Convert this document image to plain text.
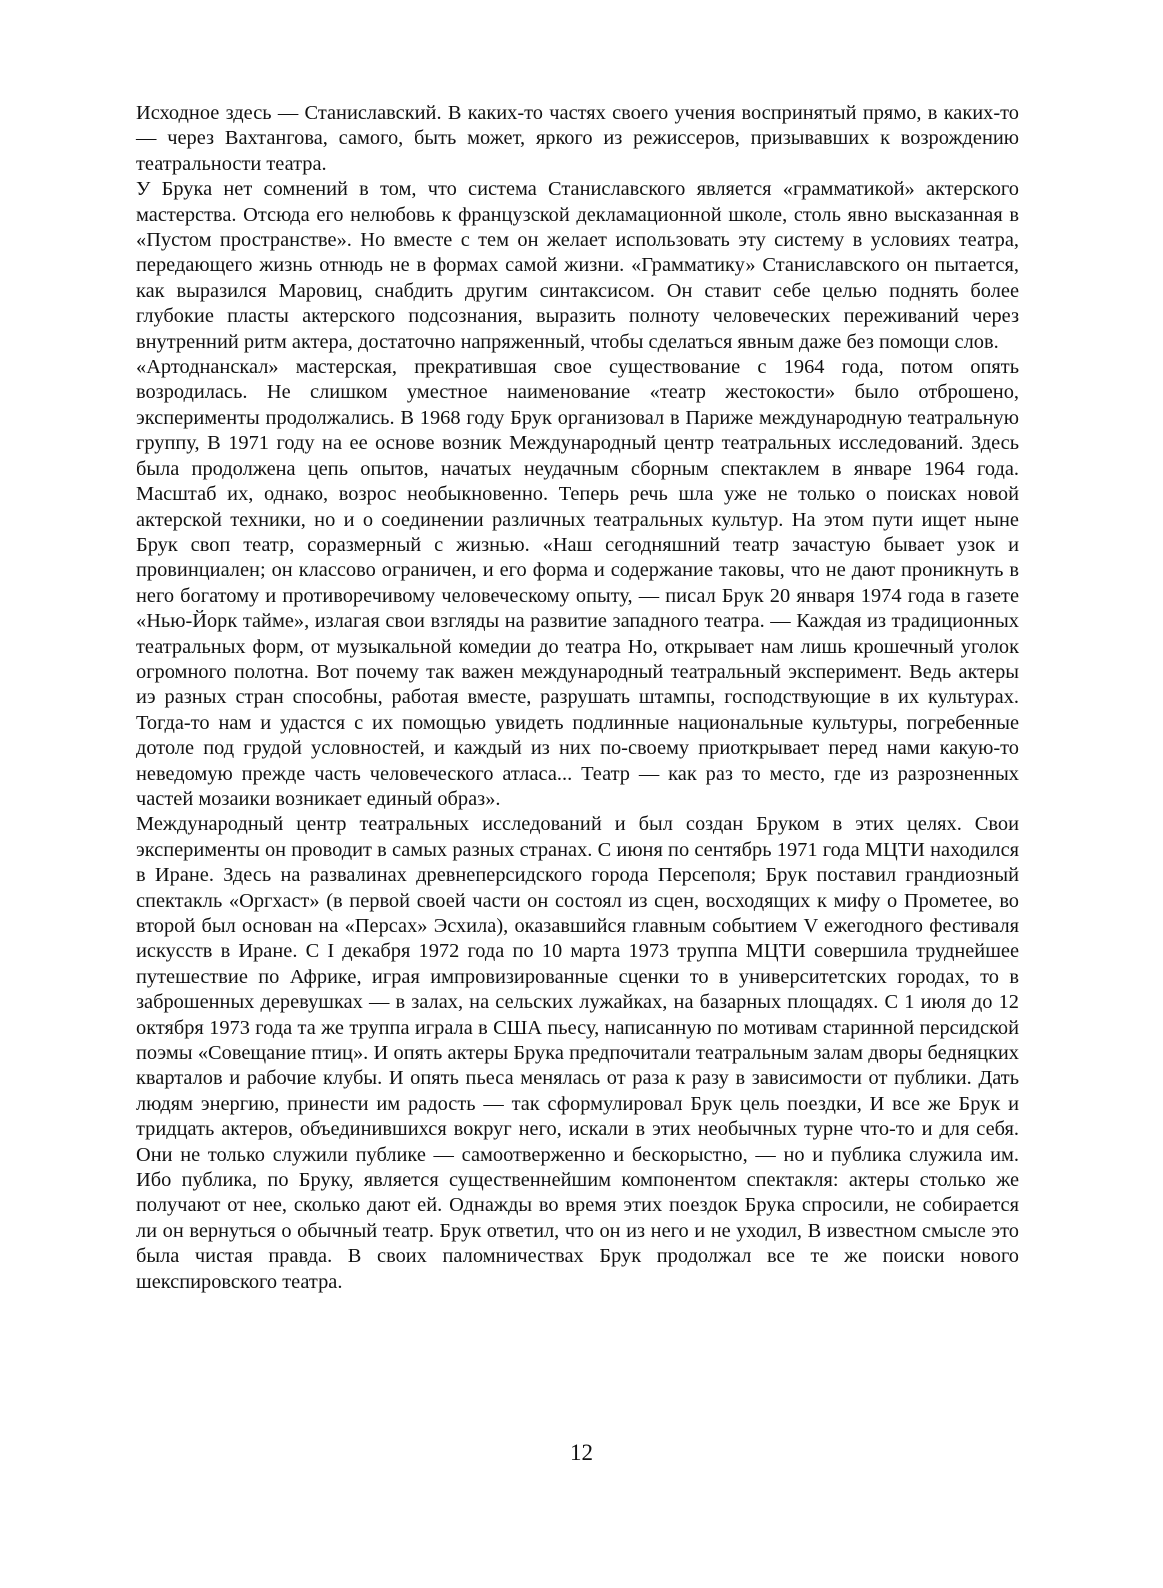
Исходное здесь — Станиславский. В каких-то частях своего учения воспринятый прямо, в каких-то — через Вахтангова, самого, быть может, яркого из режиссеров, призывавших к возрождению театральности театра.

У Брука нет сомнений в том, что система Станиславского является «грамматикой» актерского мастерства. Отсюда его нелюбовь к французской декламационной школе, столь явно высказанная в «Пустом пространстве». Но вместе с тем он желает использовать эту систему в условиях театра, передающего жизнь отнюдь не в формах самой жизни. «Грамматику» Станиславского он пытается, как выразился Маровиц, снабдить другим синтаксисом. Он ставит себе целью поднять более глубокие пласты актерского подсознания, выразить полноту человеческих переживаний через внутренний ритм актера, достаточно напряженный, чтобы сделаться явным даже без помощи слов.

«Артоднанскал» мастерская, прекратившая свое существование с 1964 года, потом опять возродилась. Не слишком уместное наименование «театр жестокости» было отброшено, эксперименты продолжались. В 1968 году Брук организовал в Париже международную театральную группу, В 1971 году на ее основе возник Международный центр театральных исследований. Здесь была продолжена цепь опытов, начатых неудачным сборным спектаклем в январе 1964 года. Масштаб их, однако, возрос необыкновенно. Теперь речь шла уже не только о поисках новой актерской техники, но и о соединении различных театральных культур. На этом пути ищет ныне Брук своп театр, соразмерный с жизнью. «Наш сегодняшний театр зачастую бывает узок и провинциален; он классово ограничен, и его форма и содержание таковы, что не дают проникнуть в него богатому и противоречивому человеческому опыту, — писал Брук 20 января 1974 года в газете «Нью-Йорк тайме», излагая свои взгляды на развитие западного театра. — Каждая из традиционных театральных форм, от музыкальной комедии до театра Но, открывает нам лишь крошечный уголок огромного полотна. Вот почему так важен международный театральный эксперимент. Ведь актеры иэ разных стран способны, работая вместе, разрушать штампы, господствующие в их культурах. Тогда-то нам и удастся с их помощью увидеть подлинные национальные культуры, погребенные дотоле под грудой условностей, и каждый из них по-своему приоткрывает перед нами какую-то неведомую прежде часть человеческого атласа... Театр — как раз то место, где из разрозненных частей мозаики возникает единый образ».

Международный центр театральных исследований и был создан Бруком в этих целях. Свои эксперименты он проводит в самых разных странах. С июня по сентябрь 1971 года МЦТИ находился в Иране. Здесь на развалинах древнеперсидского города Персеполя; Брук поставил грандиозный спектакль «Оргхаст» (в первой своей части он состоял из сцен, восходящих к мифу о Прометее, во второй был основан на «Персах» Эсхила), оказавшийся главным событием V ежегодного фестиваля искусств в Иране. С I декабря 1972 года по 10 марта 1973 труппа МЦТИ совершила труднейшее путешествие по Африке, играя импровизированные сценки то в университетских городах, то в заброшенных деревушках — в залах, на сельских лужайках, на базарных площадях. С 1 июля до 12 октября 1973 года та же труппа играла в США пьесу, написанную по мотивам старинной персидской поэмы «Совещание птиц». И опять актеры Брука предпочитали театральным залам дворы бедняцких кварталов и рабочие клубы. И опять пьеса менялась от раза к разу в зависимости от публики. Дать людям энергию, принести им радость — так сформулировал Брук цель поездки, И все же Брук и тридцать актеров, объединившихся вокруг него, искали в этих необычных турне что-то и для себя. Они не только служили публике — самоотверженно и бескорыстно, — но и публика служила им. Ибо публика, по Бруку, является существеннейшим компонентом спектакля: актеры столько же получают от нее, сколько дают ей. Однажды во время этих поездок Брука спросили, не собирается ли он вернуться о обычный театр. Брук ответил, что он из него и не уходил, В известном смысле это была чистая правда. В своих паломничествах Брук продолжал все те же поиски нового шекспировского театра.

12
